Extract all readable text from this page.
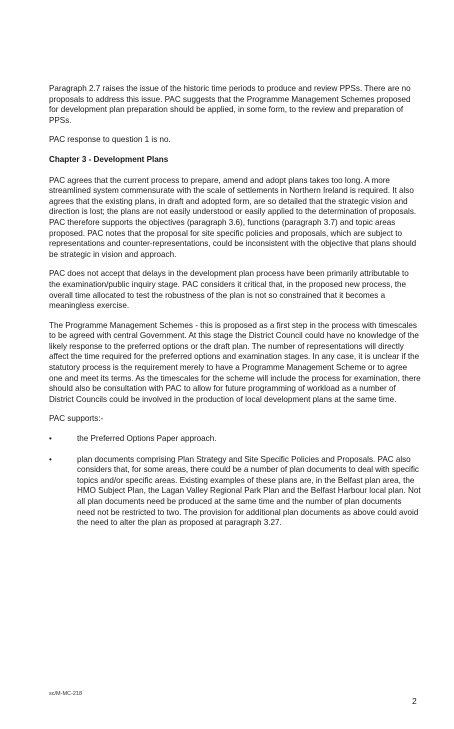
Paragraph 2.7 raises the issue of the historic time periods to produce and review PPSs. There are no proposals to address this issue. PAC suggests that the Programme Management Schemes proposed for development plan preparation should be applied, in some form, to the review and preparation of PPSs.

PAC response to question 1 is no.

Chapter 3 - Development Plans

PAC agrees that the current process to prepare, amend and adopt plans takes too long. A more streamlined system commensurate with the scale of settlements in Northern Ireland is required. It also agrees that the existing plans, in draft and adopted form, are so detailed that the strategic vision and direction is lost; the plans are not easily understood or easily applied to the determination of proposals. PAC therefore supports the objectives (paragraph 3.6), functions (paragraph 3.7) and topic areas proposed. PAC notes that the proposal for site specific policies and proposals, which are subject to representations and counter-representations, could be inconsistent with the objective that plans should be strategic in vision and approach.

PAC does not accept that delays in the development plan process have been primarily attributable to the examination/public inquiry stage. PAC considers it critical that, in the proposed new process, the overall time allocated to test the robustness of the plan is not so constrained that it becomes a meaningless exercise.

The Programme Management Schemes - this is proposed as a first step in the process with timescales to be agreed with central Government. At this stage the District Council could have no knowledge of the likely response to the preferred options or the draft plan. The number of representations will directly affect the time required for the preferred options and examination stages. In any case, it is unclear if the statutory process is the requirement merely to have a Programme Management Scheme or to agree one and meet its terms. As the timescales for the scheme will include the process for examination, there should also be consultation with PAC to allow for future programming of workload as a number of District Councils could be involved in the production of local development plans at the same time.

PAC supports:-

•	the Preferred Options Paper approach.
•	plan documents comprising Plan Strategy and Site Specific Policies and Proposals. PAC also considers that, for some areas, there could be a number of plan documents to deal with specific topics and/or specific areas. Existing examples of these plans are, in the Belfast plan area, the HMO Subject Plan, the Lagan Valley Regional Park Plan and the Belfast Harbour local plan. Not all plan documents need be produced at the same time and the number of plan documents need not be restricted to two. The provision for additional plan documents as above could avoid the need to alter the plan as proposed at paragraph 3.27.
sc/M-MC-218
2
